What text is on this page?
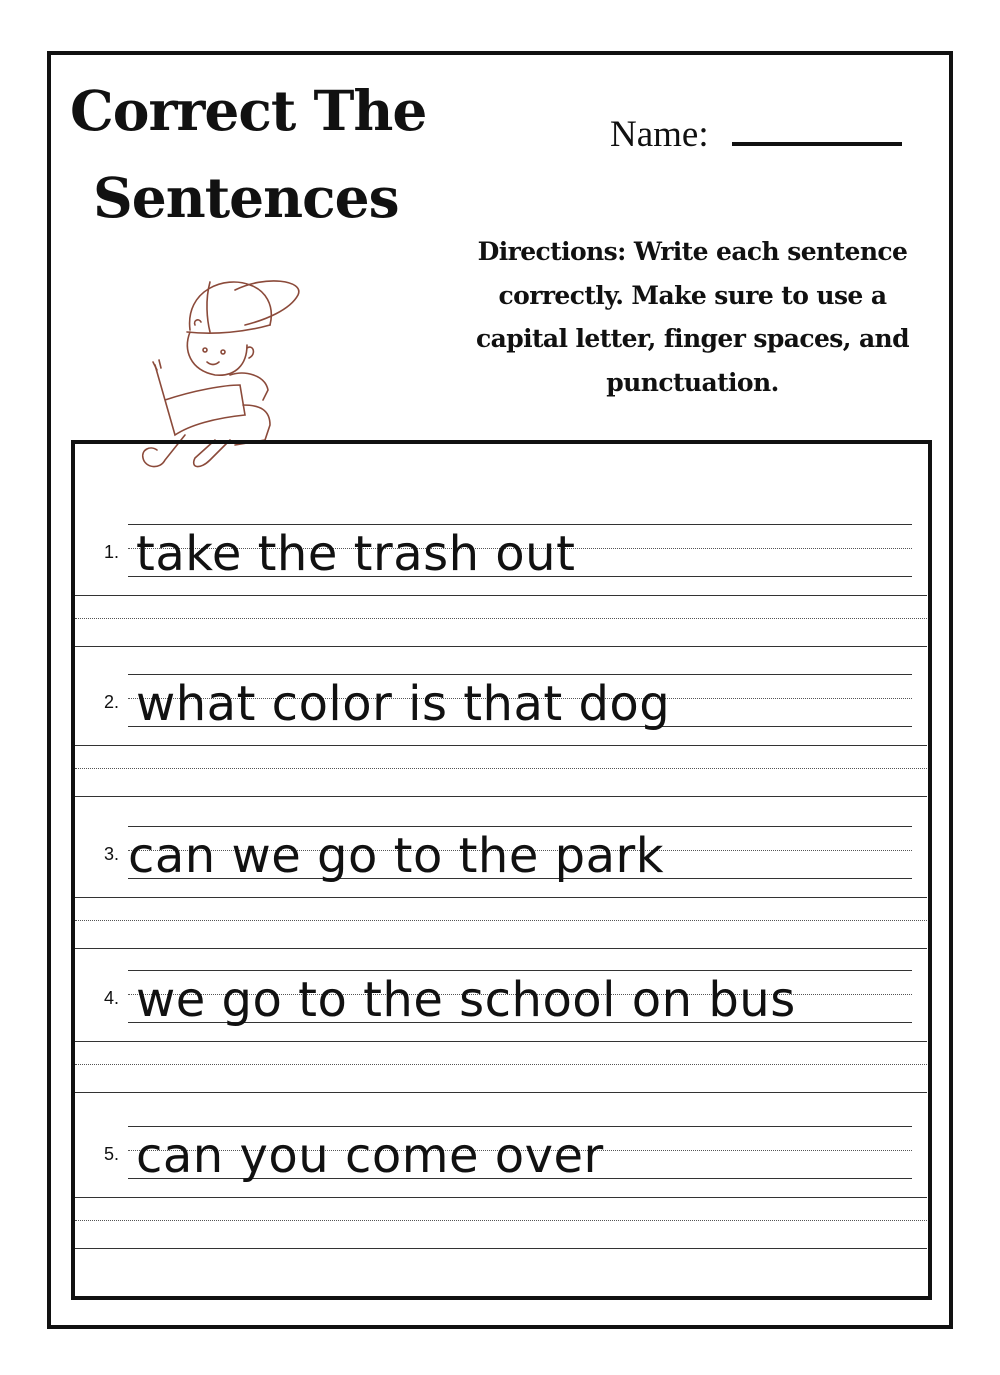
Correct The
Sentences
Name:
Directions: Write each sentence correctly. Make sure to use a capital letter, finger spaces, and punctuation.
1. take the trash out
2. what color is that dog
3. can we go to the park
4. we go to the school on bus
5. can you come over
